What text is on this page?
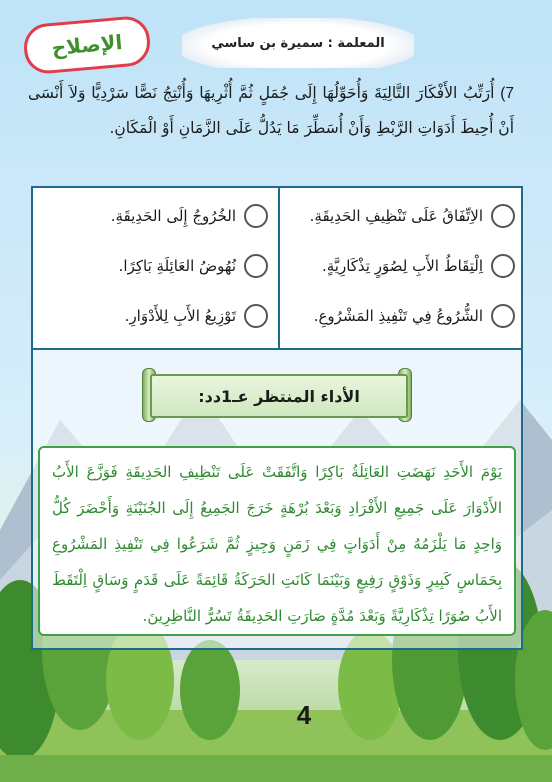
الإصلاح	المعلمة : سميرة بن ساسي
7) أُرَتِّبُ الأَفْكَارَ التَّالِيَةَ وَأُحَوِّلُهَا إِلَى جُمَلٍ ثُمَّ أُثْرِيهَا وَأُنْتِجُ نَصًّا سَرْدِيًّا وَلاَ أَنْسَى أَنْ أُحِيطَ أَدَوَاتِ الرَّبْطِ وَأَنْ أُسَطِّرَ مَا يَدُلُّ عَلَى الزَّمَانِ أَوْ الْمَكَانِ.
الاِتِّفَاقُ عَلَى تَنْظِيفِ الحَدِيقَةِ.
الخُرُوجُ إِلَى الحَدِيقَةِ.
اِلْتِقَاطُ الأَبِ لِصُوَرٍ تِذْكَارِيَّةٍ.
نُهُوضُ العَائِلَةِ بَاكِرًا.
الشُّرُوعُ فِي تَنْفِيذِ المَشْرُوعِ.
تَوْزِيعُ الأَبِ لِلأَدْوَارِ.
الأداء المنتظر عـ1دد:
يَوْمَ الأَحَدِ نَهَضَتِ العَائِلَةُ بَاكِرًا وَاتَّفَقَتْ عَلَى تَنْظِيفِ الحَدِيقَةِ فَوَزَّعَ الأَبُ الأَدْوَارَ عَلَى جَمِيعِ الأَفْرَادِ وَبَعْدَ بُرْهَةٍ خَرَجَ الجَمِيعُ إِلَى الجُنَيْنَةِ وَأَحْضَرَ كُلُّ وَاحِدٍ مَا يَلْزَمُهُ مِنْ أَدَوَاتٍ فِي زَمَنٍ وَجِيزٍ ثُمَّ شَرَعُوا فِي تَنْفِيذِ المَشْرُوعِ بِحَمَاسٍ كَبِيرٍ وَذَوْقٍ رَفِيعٍ وَبَيْنَمَا كَانَتِ الحَرَكَةُ قَائِمَةً عَلَى قَدَمٍ وَسَاقٍ اِلْتَقَطَ الأَبُ صُوَرًا تِذْكَارِيَّةً وَبَعْدَ مُدَّةٍ صَارَتِ الحَدِيقَةُ تَسُرُّ النَّاظِرِينَ.
4
